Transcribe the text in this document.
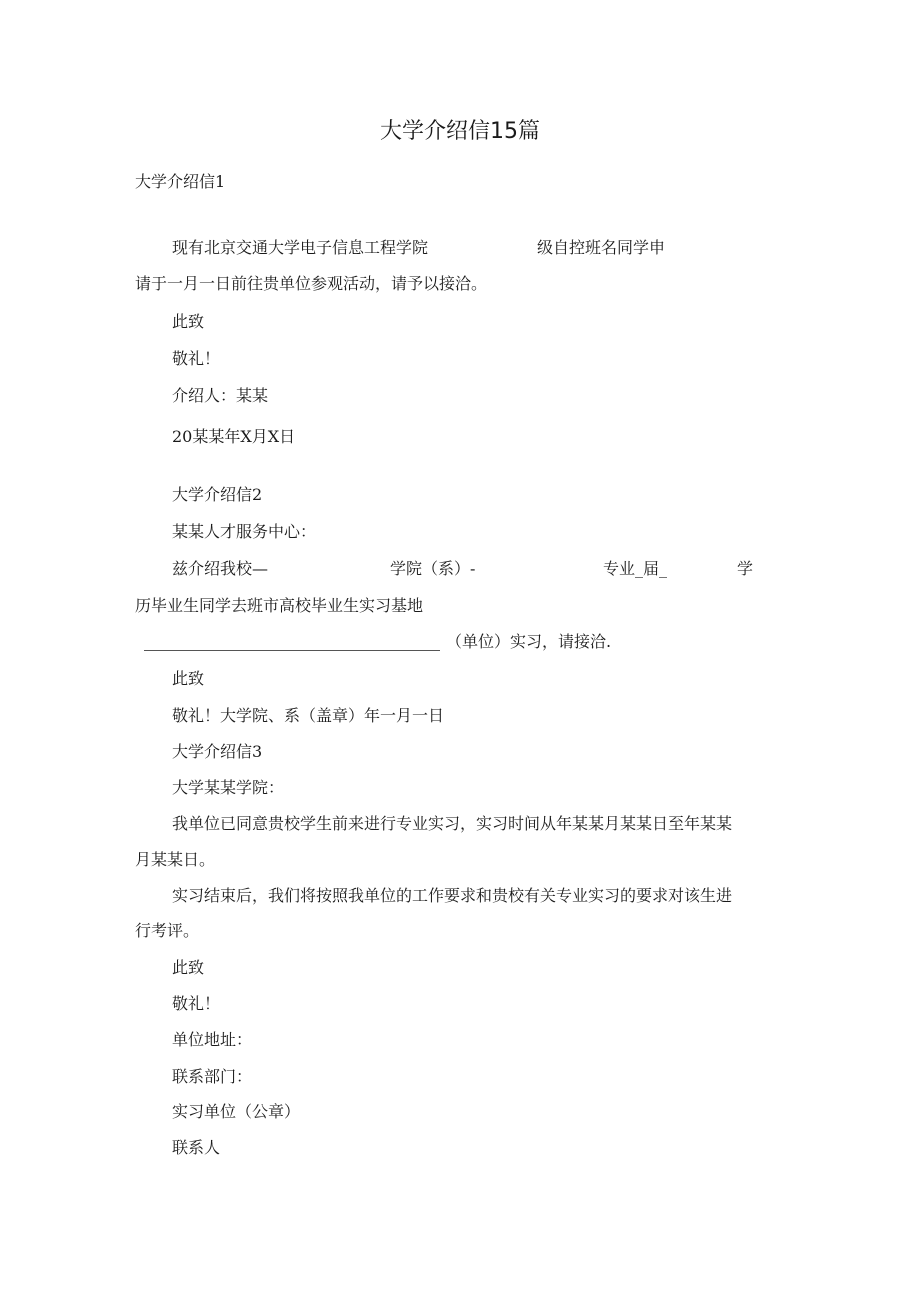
大学介绍信15篇
大学介绍信1
现有北京交通大学电子信息工程学院	级自控班名同学申
请于一月一日前往贵单位参观活动，请予以接洽。
此致
敬礼！
介绍人：某某
20某某年X月X日
大学介绍信2
某某人才服务中心：
兹介绍我校—	学院（系）-	专业_届_	学
历毕业生同学去班市高校毕业生实习基地
（单位）实习，请接洽.
此致
敬礼！大学院、系（盖章）年一月一日
大学介绍信3
大学某某学院：
我单位已同意贵校学生前来进行专业实习，实习时间从年某某月某某日至年某某
月某某日。
实习结束后，我们将按照我单位的工作要求和贵校有关专业实习的要求对该生进
行考评。
此致
敬礼！
单位地址：
联系部门：
实习单位（公章）
联系人
